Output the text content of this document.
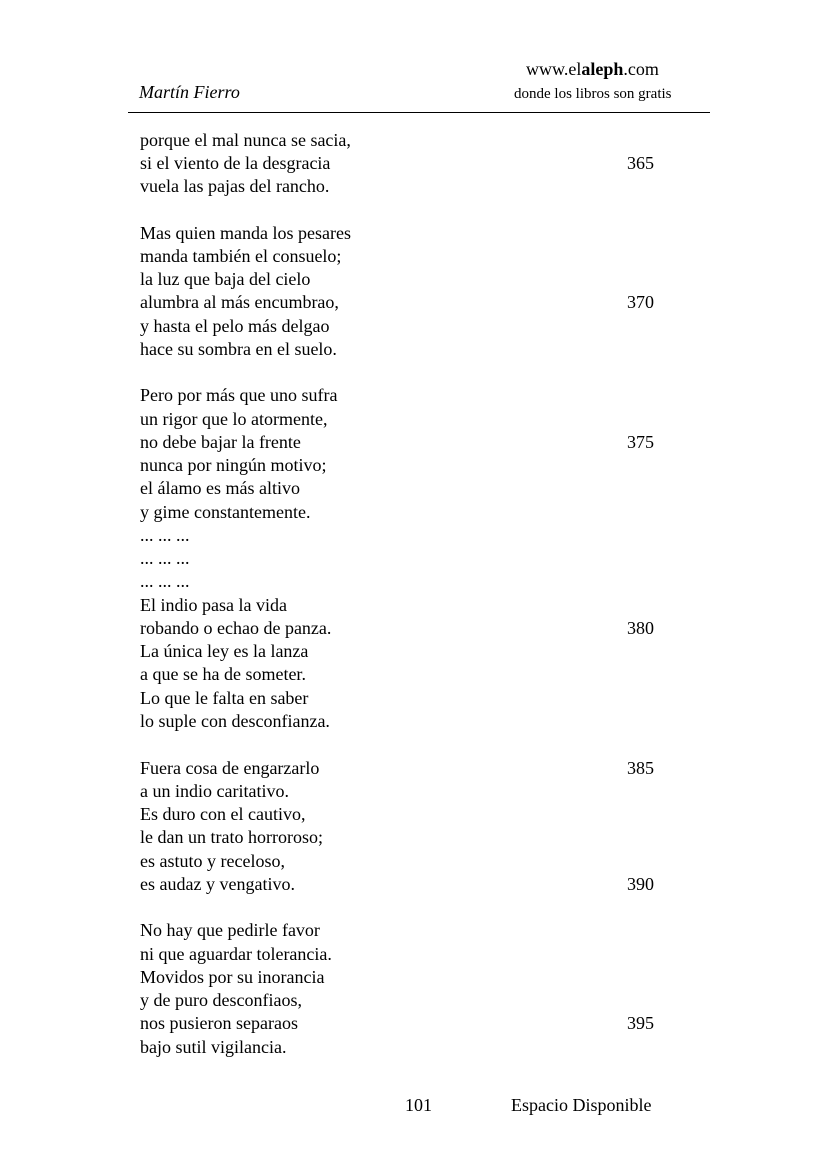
www.elaleph.com
Martín Fierro	donde los libros son gratis
porque el mal nunca se sacia,
si el viento de la desgracia
vuela las pajas del rancho.
Mas quien manda los pesares
manda también el consuelo;
la luz que baja del cielo
alumbra al más encumbrao,
y hasta el pelo más delgao
hace su sombra en el suelo.
Pero por más que uno sufra
un rigor que lo atormente,
no debe bajar la frente
nunca por ningún motivo;
el álamo es más altivo
y gime constantemente.
... ... ...
... ... ...
... ... ...
El indio pasa la vida
robando o echao de panza.
La única ley es la lanza
a que se ha de someter.
Lo que le falta en saber
lo suple con desconfianza.
Fuera cosa de engarzarlo
a un indio caritativo.
Es duro con el cautivo,
le dan un trato horroroso;
es astuto y receloso,
es audaz y vengativo.
No hay que pedirle favor
ni que aguardar tolerancia.
Movidos por su inorancia
y de puro desconfiaos,
nos pusieron separaos
bajo sutil vigilancia.
365
370
375
380
385
390
395
101	Espacio Disponible
